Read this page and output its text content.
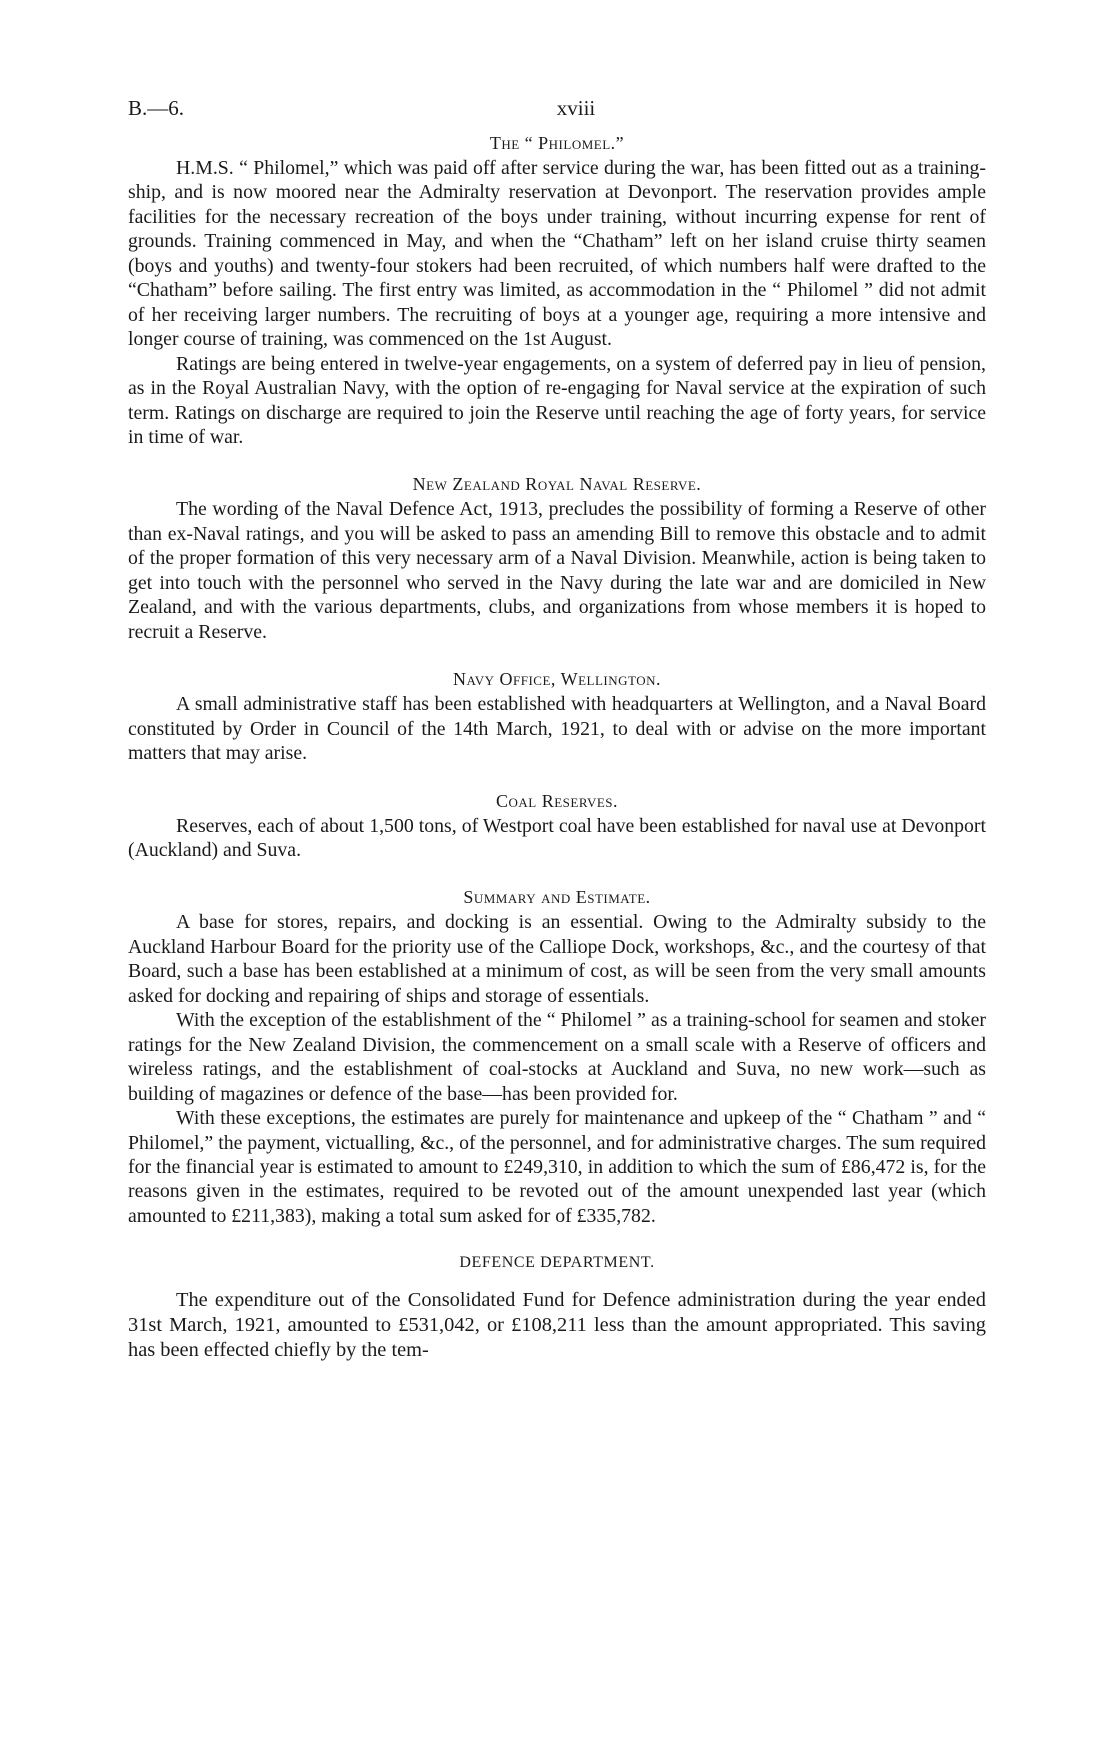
B.—6.	xviii
The “ Philomel.”

H.M.S. “ Philomel,” which was paid off after service during the war, has been fitted out as a training-ship, and is now moored near the Admiralty reservation at Devonport. The reservation provides ample facilities for the necessary recreation of the boys under training, without incurring expense for rent of grounds. Training commenced in May, and when the “Chatham” left on her island cruise thirty seamen (boys and youths) and twenty-four stokers had been recruited, of which numbers half were drafted to the “Chatham” before sailing. The first entry was limited, as accommodation in the “ Philomel ” did not admit of her receiving larger numbers. The recruiting of boys at a younger age, requiring a more intensive and longer course of training, was commenced on the 1st August.

Ratings are being entered in twelve-year engagements, on a system of deferred pay in lieu of pension, as in the Royal Australian Navy, with the option of re-engaging for Naval service at the expiration of such term. Ratings on discharge are required to join the Reserve until reaching the age of forty years, for service in time of war.

New Zealand Royal Naval Reserve.

The wording of the Naval Defence Act, 1913, precludes the possibility of forming a Reserve of other than ex-Naval ratings, and you will be asked to pass an amending Bill to remove this obstacle and to admit of the proper formation of this very necessary arm of a Naval Division. Meanwhile, action is being taken to get into touch with the personnel who served in the Navy during the late war and are domiciled in New Zealand, and with the various departments, clubs, and organizations from whose members it is hoped to recruit a Reserve.

Navy Office, Wellington.

A small administrative staff has been established with headquarters at Wellington, and a Naval Board constituted by Order in Council of the 14th March, 1921, to deal with or advise on the more important matters that may arise.

Coal Reserves.

Reserves, each of about 1,500 tons, of Westport coal have been established for naval use at Devonport (Auckland) and Suva.

Summary and Estimate.

A base for stores, repairs, and docking is an essential. Owing to the Admiralty subsidy to the Auckland Harbour Board for the priority use of the Calliope Dock, workshops, &c., and the courtesy of that Board, such a base has been established at a minimum of cost, as will be seen from the very small amounts asked for docking and repairing of ships and storage of essentials.

With the exception of the establishment of the “ Philomel ” as a training-school for seamen and stoker ratings for the New Zealand Division, the commencement on a small scale with a Reserve of officers and wireless ratings, and the establishment of coal-stocks at Auckland and Suva, no new work—such as building of magazines or defence of the base—has been provided for.

With these exceptions, the estimates are purely for maintenance and upkeep of the “ Chatham ” and “ Philomel,” the payment, victualling, &c., of the personnel, and for administrative charges. The sum required for the financial year is estimated to amount to £249,310, in addition to which the sum of £86,472 is, for the reasons given in the estimates, required to be revoted out of the amount unexpended last year (which amounted to £211,383), making a total sum asked for of £335,782.

DEFENCE DEPARTMENT.

The expenditure out of the Consolidated Fund for Defence administration during the year ended 31st March, 1921, amounted to £531,042, or £108,211 less than the amount appropriated. This saving has been effected chiefly by the tem-
